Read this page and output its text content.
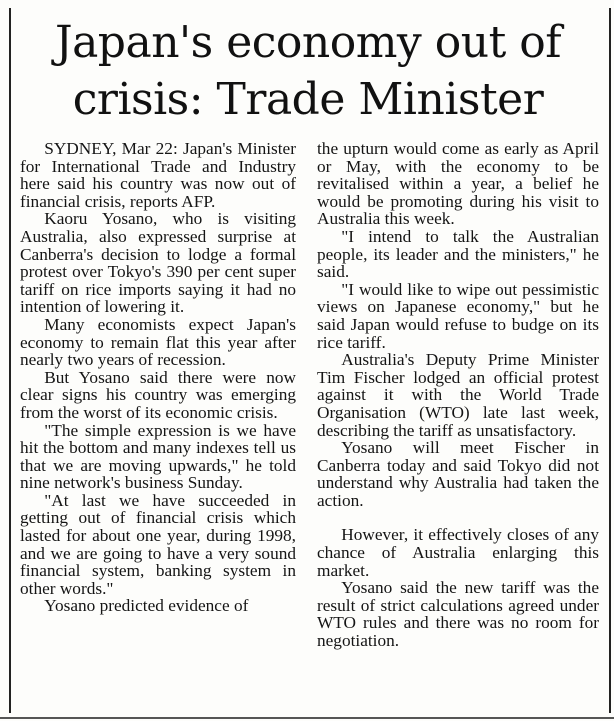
Japan's economy out of
crisis: Trade Minister

SYDNEY, Mar 22: Japan's Minister for International Trade and Industry here said his country was now out of financial crisis, reports AFP.

Kaoru Yosano, who is visiting Australia, also expressed surprise at Canberra's decision to lodge a formal protest over Tokyo's 390 per cent super tariff on rice imports saying it had no intention of lowering it.

Many economists expect Japan's economy to remain flat this year after nearly two years of recession.

But Yosano said there were now clear signs his country was emerging from the worst of its economic crisis.

"The simple expression is we have hit the bottom and many indexes tell us that we are moving upwards," he told nine network's business Sunday.

"At last we have succeeded in getting out of financial crisis which lasted for about one year, during 1998, and we are going to have a very sound financial system, banking system in other words."

Yosano predicted evidence of

the upturn would come as early as April or May, with the economy to be revitalised within a year, a belief he would be promoting during his visit to Australia this week.

"I intend to talk the Australian people, its leader and the ministers," he said.

"I would like to wipe out pessimistic views on Japanese economy," but he said Japan would refuse to budge on its rice tariff.

Australia's Deputy Prime Minister Tim Fischer lodged an official protest against it with the World Trade Organisation (WTO) late last week, describing the tariff as unsatisfactory.

Yosano will meet Fischer in Canberra today and said Tokyo did not understand why Australia had taken the action.

However, it effectively closes of any chance of Australia enlarging this market.

Yosano said the new tariff was the result of strict calculations agreed under WTO rules and there was no room for negotiation.
